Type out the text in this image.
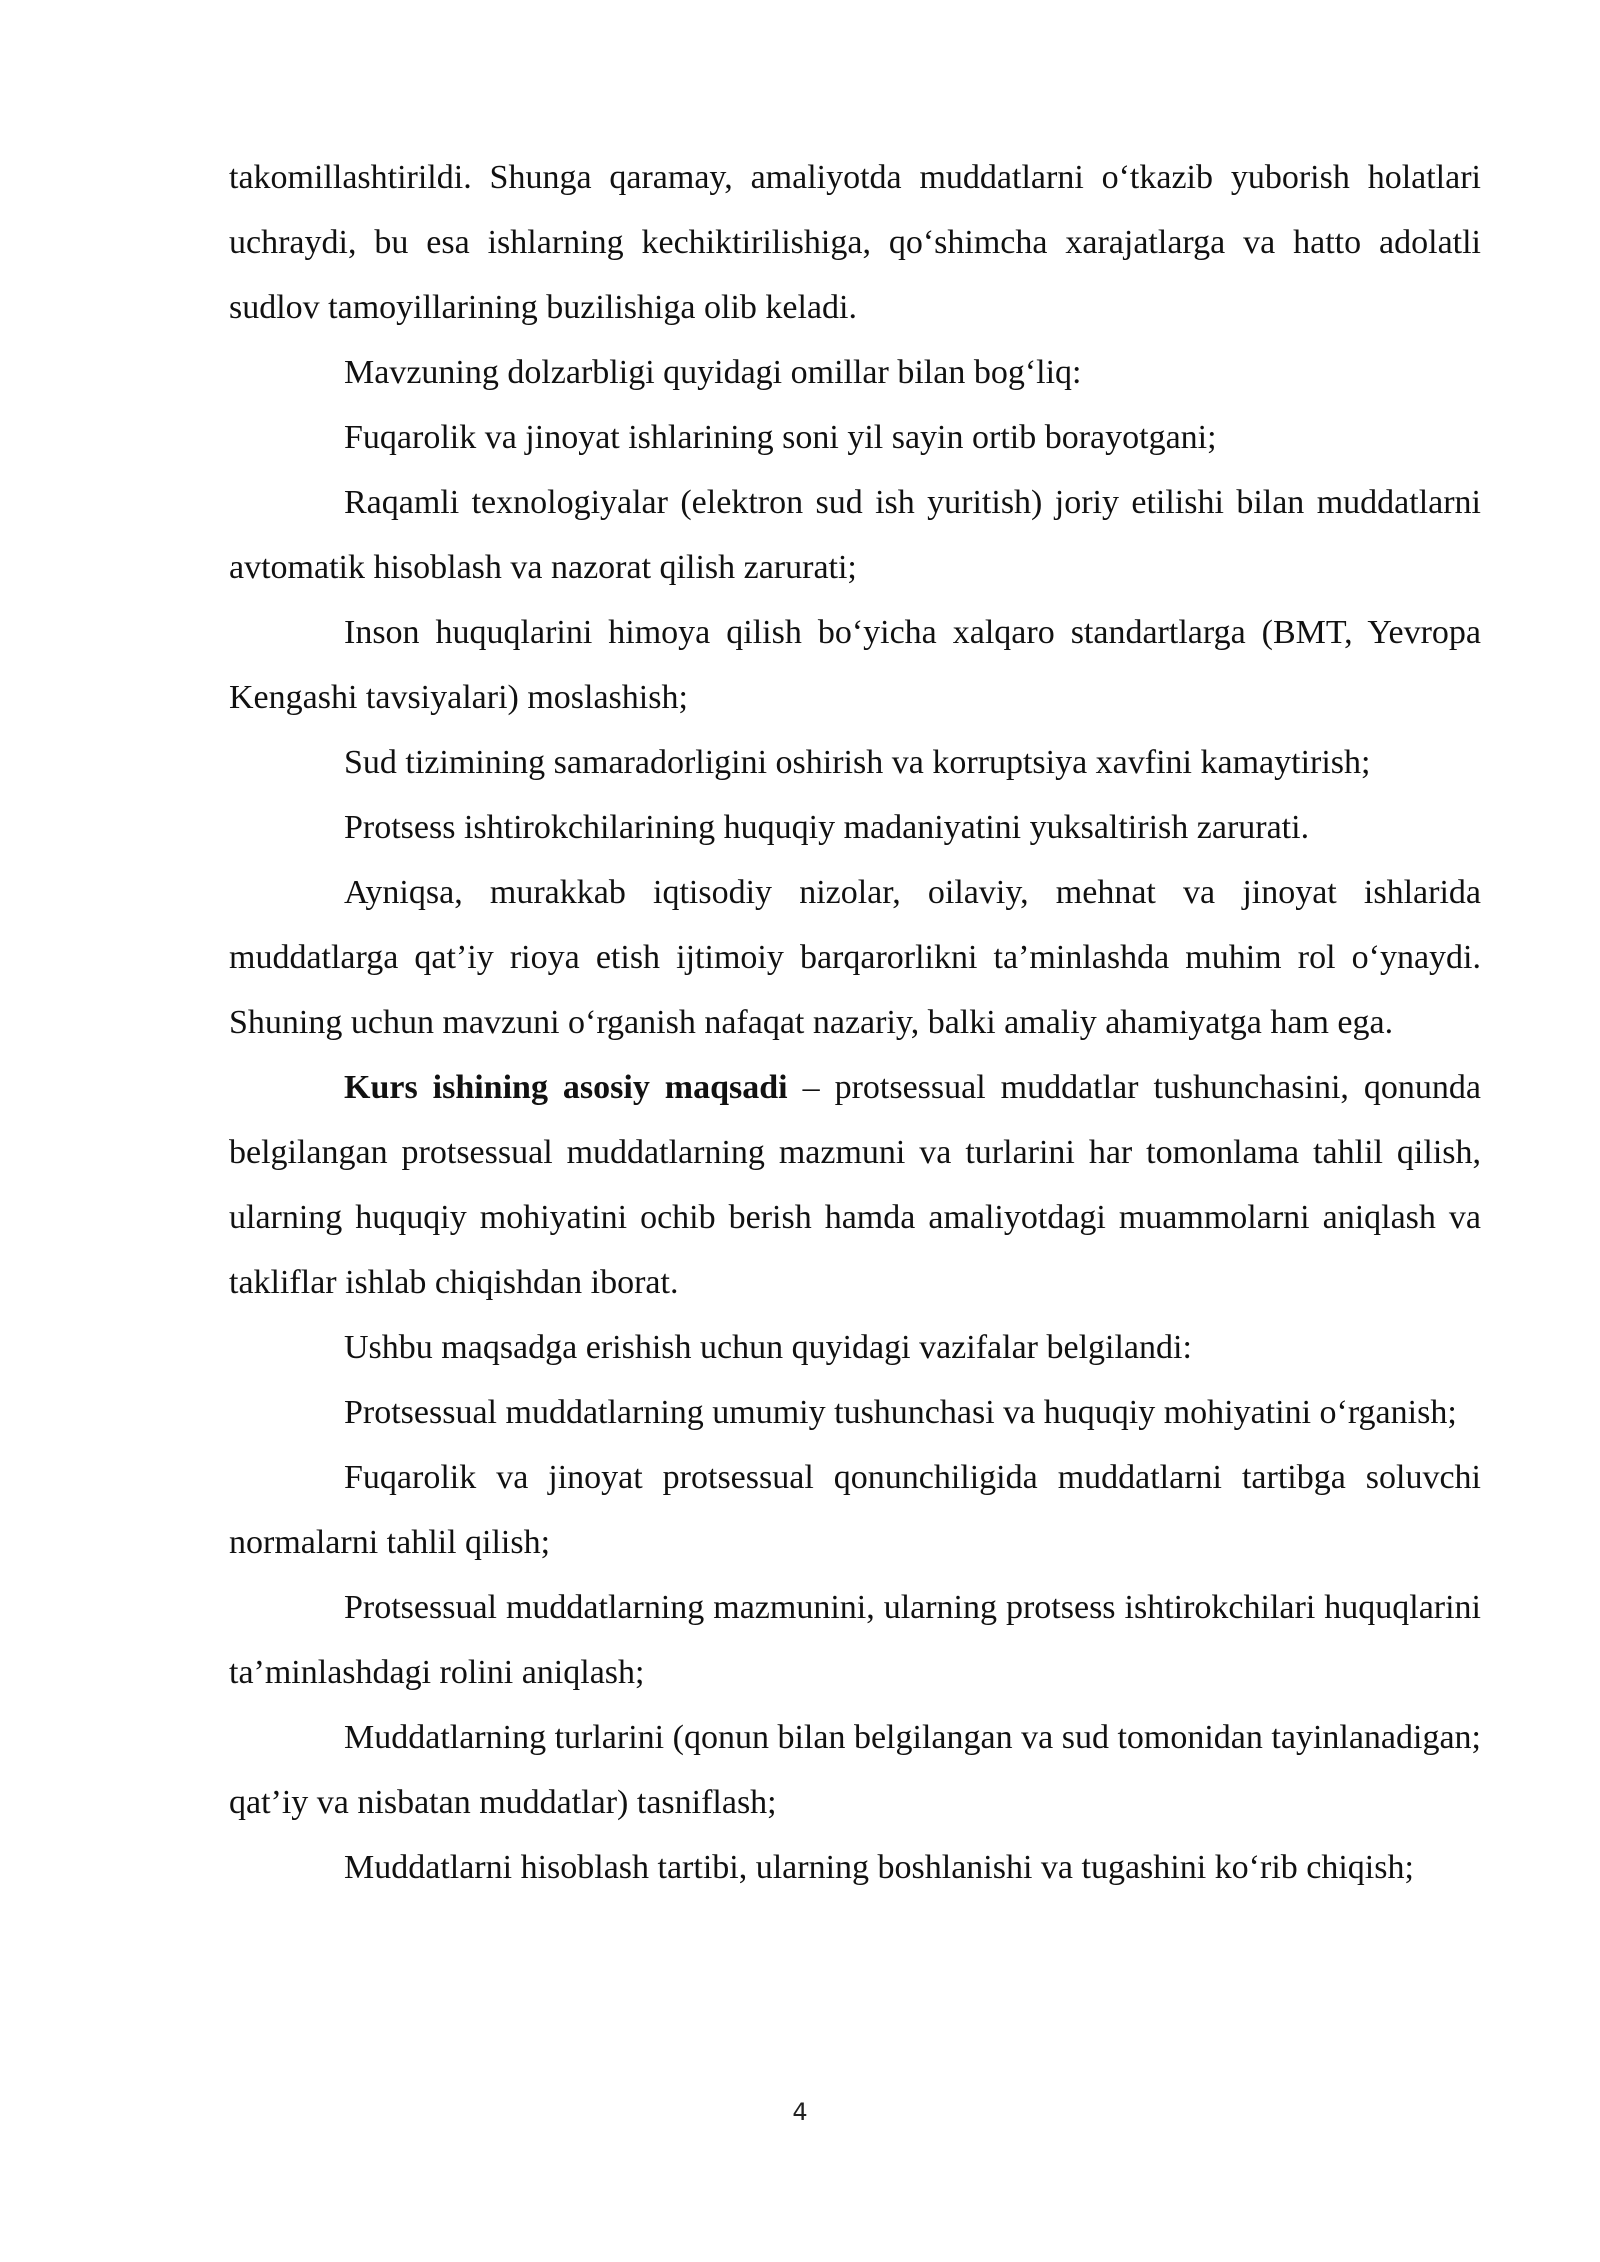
takomillashtirildi. Shunga qaramay, amaliyotda muddatlarni oʻtkazib yuborish holatlari uchraydi, bu esa ishlarning kechiktirilishiga, qoʻshimcha xarajatlarga va hatto adolatli sudlov tamoyillarining buzilishiga olib keladi.

Mavzuning dolzarbligi quyidagi omillar bilan bogʻliq:

Fuqarolik va jinoyat ishlarining soni yil sayin ortib borayotgani;

Raqamli texnologiyalar (elektron sud ish yuritish) joriy etilishi bilan muddatlarni avtomatik hisoblash va nazorat qilish zarurati;

Inson huquqlarini himoya qilish boʻyicha xalqaro standartlarga (BMT, Yevropa Kengashi tavsiyalari) moslashish;

Sud tizimining samaradorligini oshirish va korruptsiya xavfini kamaytirish;

Protsess ishtirokchilarining huquqiy madaniyatini yuksaltirish zarurati.

Ayniqsa, murakkab iqtisodiy nizolar, oilaviy, mehnat va jinoyat ishlarida muddatlarga qat’iy rioya etish ijtimoiy barqarorlikni ta’minlashda muhim rol oʻynaydi. Shuning uchun mavzuni oʻrganish nafaqat nazariy, balki amaliy ahamiyatga ham ega.

Kurs ishining asosiy maqsadi – protsessual muddatlar tushunchasini, qonunda belgilangan protsessual muddatlarning mazmuni va turlarini har tomonlama tahlil qilish, ularning huquqiy mohiyatini ochib berish hamda amaliyotdagi muammolarni aniqlash va takliflar ishlab chiqishdan iborat.

Ushbu maqsadga erishish uchun quyidagi vazifalar belgilandi:

Protsessual muddatlarning umumiy tushunchasi va huquqiy mohiyatini oʻrganish;

Fuqarolik va jinoyat protsessual qonunchiligida muddatlarni tartibga soluvchi normalarni tahlil qilish;

Protsessual muddatlarning mazmunini, ularning protsess ishtirokchilari huquqlarini ta’minlashdagi rolini aniqlash;

Muddatlarning turlarini (qonun bilan belgilangan va sud tomonidan tayinlanadigan; qat’iy va nisbatan muddatlar) tasniflash;

Muddatlarni hisoblash tartibi, ularning boshlanishi va tugashini koʻrib chiqish;

4
